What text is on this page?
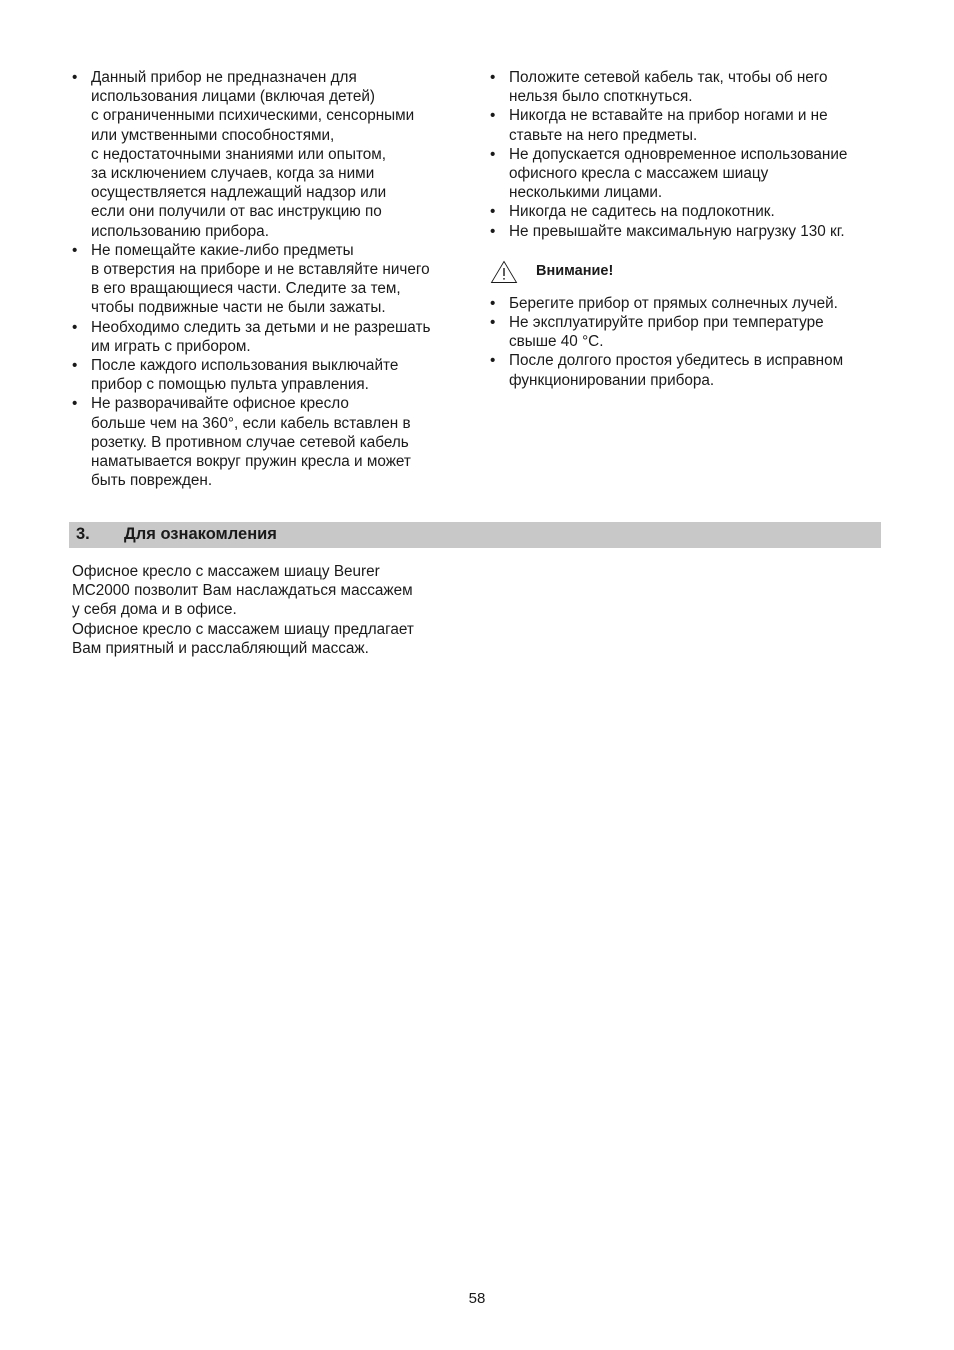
• Данный прибор не предназначен для
использования лицами (включая детей)
с ограниченными психическими, сенсорными
или умственными способностями,
с недостаточными знаниями или опытом,
за исключением случаев, когда за ними
осуществляется надлежащий надзор или
если они получили от вас инструкцию по
использованию прибора.
• Не помещайте какие-либо предметы
в отверстия на приборе и не вставляйте ничего
в его вращающиеся части. Следите за тем,
чтобы подвижные части не были зажаты.
• Необходимо следить за детьми и не разрешать
им играть с прибором.
• После каждого использования выключайте
прибор с помощью пульта управления.
• Не разворачивайте офисное кресло
больше чем на 360°, если кабель вставлен в
розетку. В противном случае сетевой кабель
наматывается вокруг пружин кресла и может
быть поврежден.
• Положите сетевой кабель так, чтобы об него
нельзя было споткнуться.
• Никогда не вставайте на прибор ногами и не
ставьте на него предметы.
• Не допускается одновременное использование
офисного кресла с массажем шиацу
несколькими лицами.
• Никогда не садитесь на подлокотник.
• Не превышайте максимальную нагрузку 130 кг.
Внимание!
• Берегите прибор от прямых солнечных лучей.
• Не эксплуатируйте прибор при температуре
свыше 40 °C.
• После долгого простоя убедитесь в исправном
функционировании прибора.
3.	Для ознакомления
Офисное кресло с массажем шиацу Beurer
MC2000 позволит Вам наслаждаться массажем
у себя дома и в офисе.
Офисное кресло с массажем шиацу предлагает
Вам приятный и расслабляющий массаж.
58
